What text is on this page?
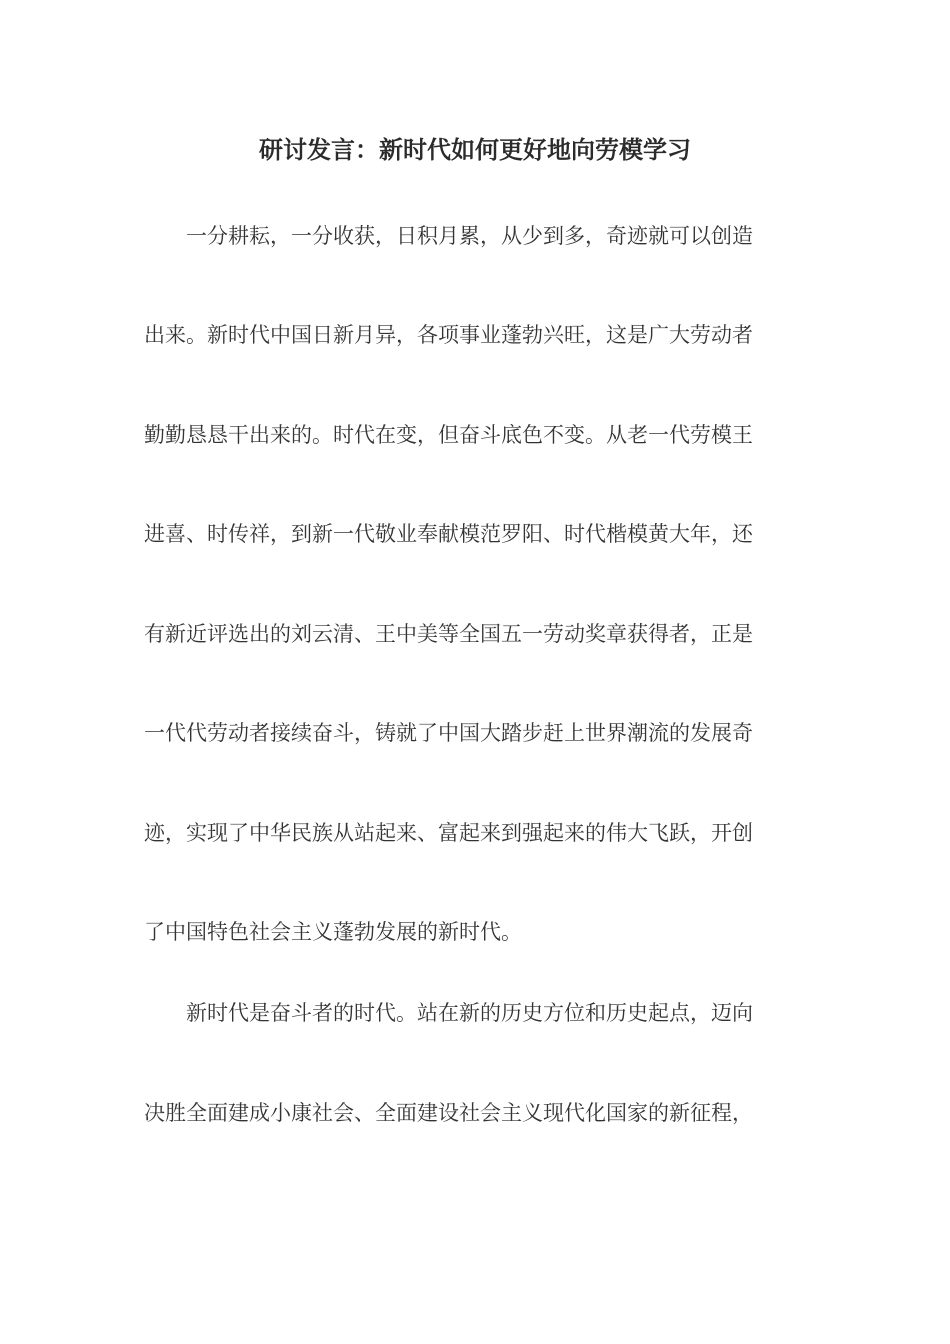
研讨发言：新时代如何更好地向劳模学习
　　一分耕耘，一分收获，日积月累，从少到多，奇迹就可以创造
出来。新时代中国日新月异，各项事业蓬勃兴旺，这是广大劳动者
勤勤恳恳干出来的。时代在变，但奋斗底色不变。从老一代劳模王
进喜、时传祥，到新一代敬业奉献模范罗阳、时代楷模黄大年，还
有新近评选出的刘云清、王中美等全国五一劳动奖章获得者，正是
一代代劳动者接续奋斗，铸就了中国大踏步赶上世界潮流的发展奇
迹，实现了中华民族从站起来、富起来到强起来的伟大飞跃，开创
了中国特色社会主义蓬勃发展的新时代。
　　新时代是奋斗者的时代。站在新的历史方位和历史起点，迈向
决胜全面建成小康社会、全面建设社会主义现代化国家的新征程，
